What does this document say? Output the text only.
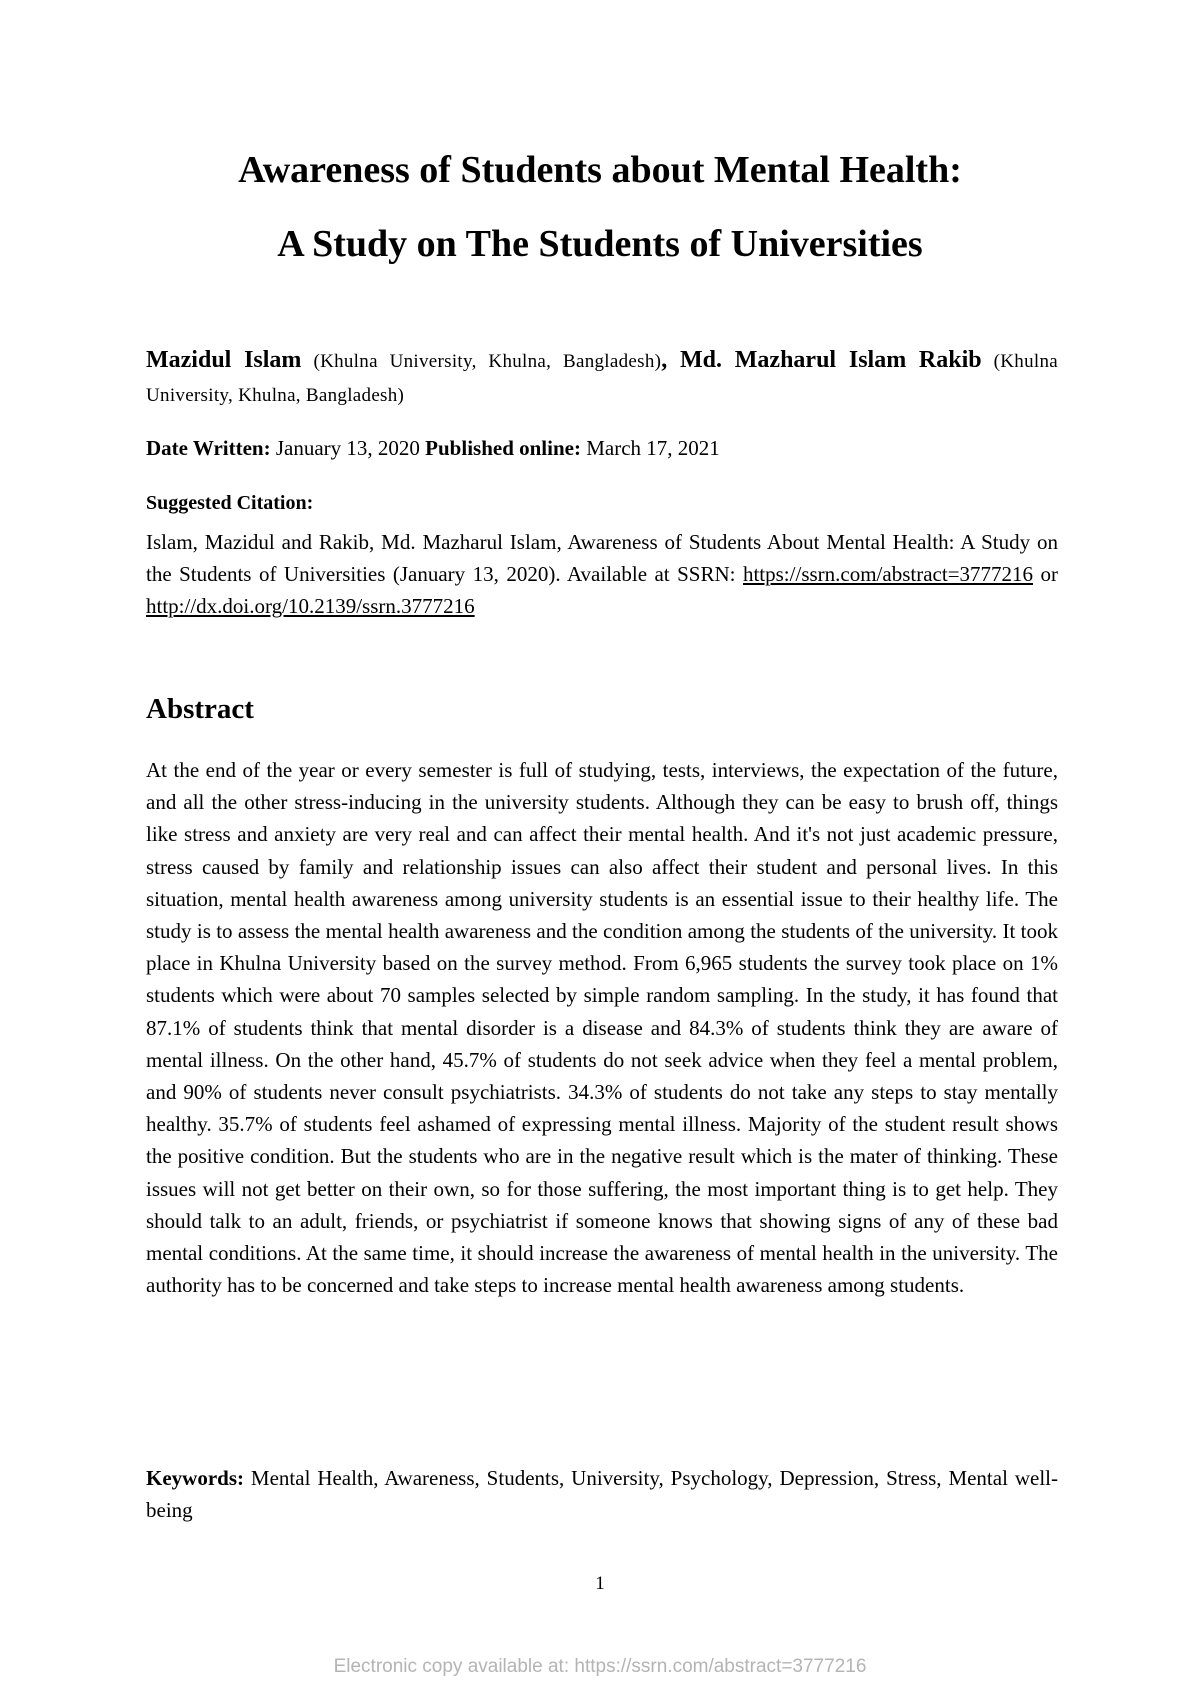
Awareness of Students about Mental Health:
A Study on The Students of Universities

Mazidul Islam (Khulna University, Khulna, Bangladesh), Md. Mazharul Islam Rakib (Khulna University, Khulna, Bangladesh)

Date Written: January 13, 2020 Published online: March 17, 2021
Suggested Citation:

Islam, Mazidul and Rakib, Md. Mazharul Islam, Awareness of Students About Mental Health: A Study on the Students of Universities (January 13, 2020). Available at SSRN: https://ssrn.com/abstract=3777216 or http://dx.doi.org/10.2139/ssrn.3777216

Abstract

At the end of the year or every semester is full of studying, tests, interviews, the expectation of the future, and all the other stress-inducing in the university students. Although they can be easy to brush off, things like stress and anxiety are very real and can affect their mental health. And it's not just academic pressure, stress caused by family and relationship issues can also affect their student and personal lives. In this situation, mental health awareness among university students is an essential issue to their healthy life. The study is to assess the mental health awareness and the condition among the students of the university. It took place in Khulna University based on the survey method. From 6,965 students the survey took place on 1% students which were about 70 samples selected by simple random sampling. In the study, it has found that 87.1% of students think that mental disorder is a disease and 84.3% of students think they are aware of mental illness. On the other hand, 45.7% of students do not seek advice when they feel a mental problem, and 90% of students never consult psychiatrists. 34.3% of students do not take any steps to stay mentally healthy. 35.7% of students feel ashamed of expressing mental illness. Majority of the student result shows the positive condition. But the students who are in the negative result which is the mater of thinking. These issues will not get better on their own, so for those suffering, the most important thing is to get help. They should talk to an adult, friends, or psychiatrist if someone knows that showing signs of any of these bad mental conditions. At the same time, it should increase the awareness of mental health in the university. The authority has to be concerned and take steps to increase mental health awareness among students.

Keywords: Mental Health, Awareness, Students, University, Psychology, Depression, Stress, Mental well-being

1
Electronic copy available at: https://ssrn.com/abstract=3777216
